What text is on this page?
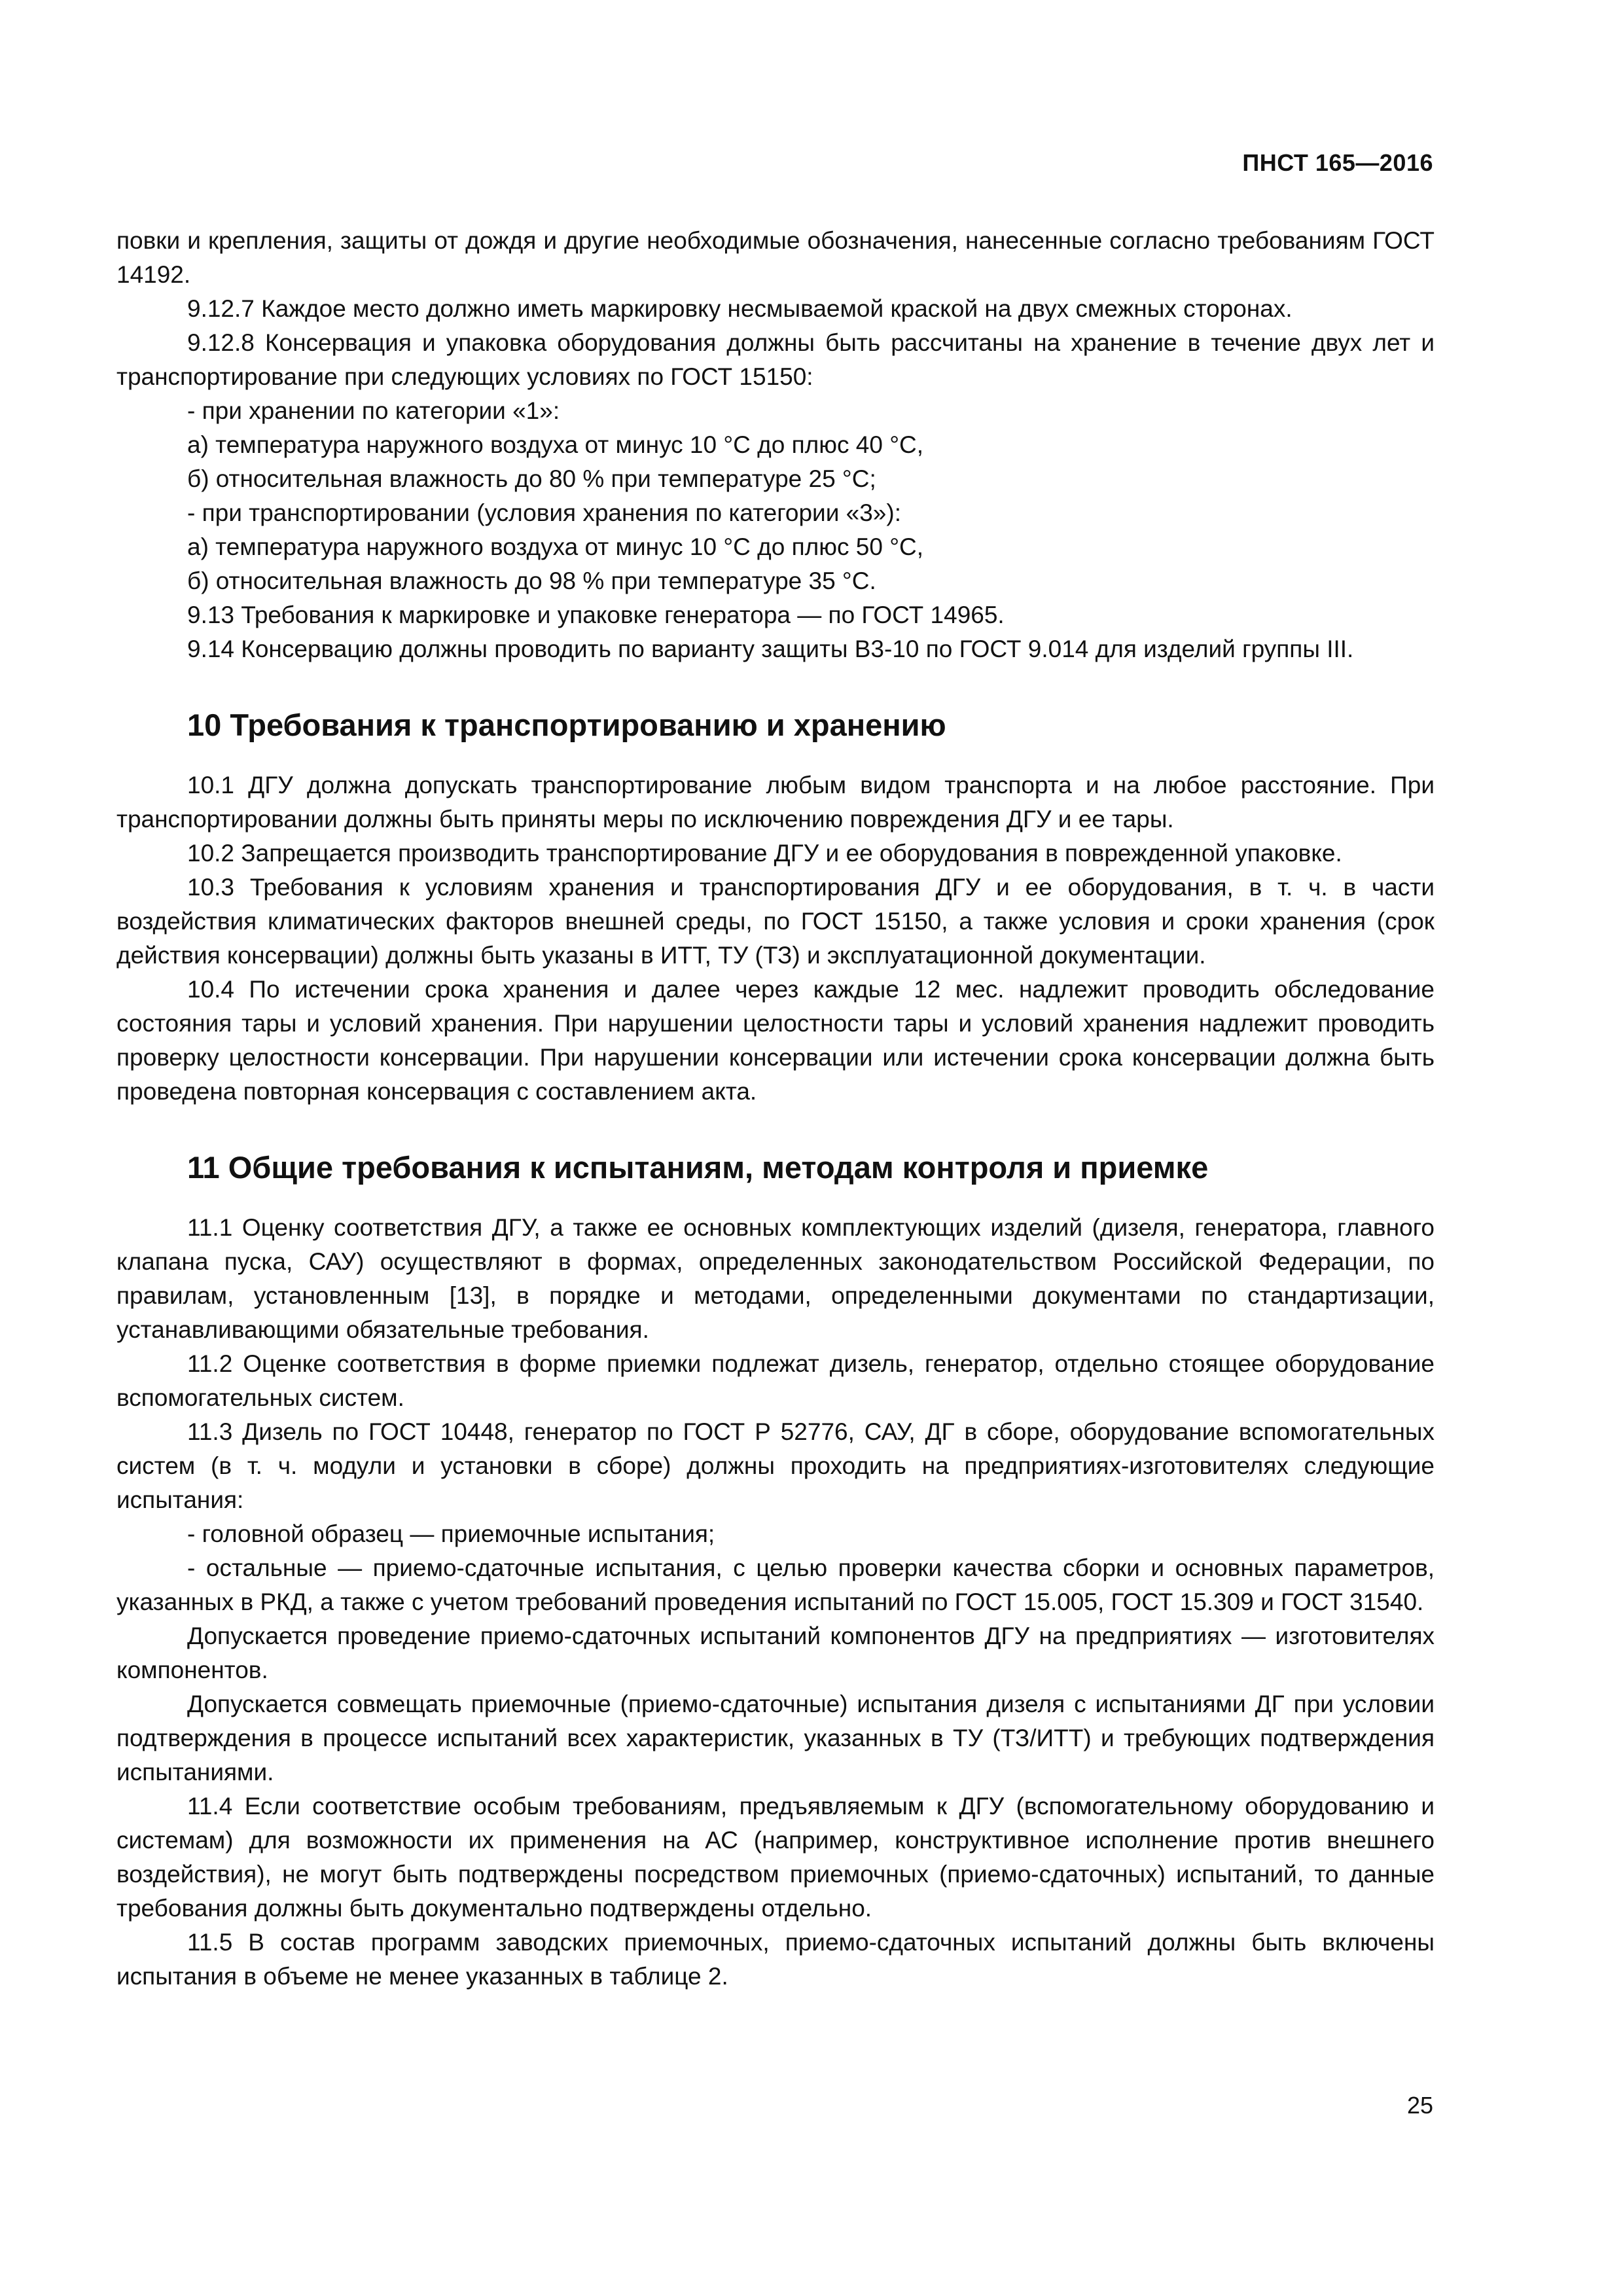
ПНСТ 165—2016

повки и крепления, защиты от дождя и другие необходимые обозначения, нанесенные согласно требованиям ГОСТ 14192.

9.12.7 Каждое место должно иметь маркировку несмываемой краской на двух смежных сторонах.

9.12.8 Консервация и упаковка оборудования должны быть рассчитаны на хранение в течение двух лет и транспортирование при следующих условиях по ГОСТ 15150:

- при хранении по категории «1»:

а) температура наружного воздуха от минус 10 °С до плюс 40 °С,

б) относительная влажность до 80 % при температуре 25 °С;

- при транспортировании (условия хранения по категории «3»):

а) температура наружного воздуха от минус 10 °С до плюс 50 °С,

б) относительная влажность до 98 % при температуре 35 °С.

9.13 Требования к маркировке и упаковке генератора — по ГОСТ 14965.

9.14 Консервацию должны проводить по варианту защиты В3-10 по ГОСТ 9.014 для изделий группы III.

10 Требования к транспортированию и хранению

10.1 ДГУ должна допускать транспортирование любым видом транспорта и на любое расстояние. При транспортировании должны быть приняты меры по исключению повреждения ДГУ и ее тары.

10.2 Запрещается производить транспортирование ДГУ и ее оборудования в поврежденной упаковке.

10.3 Требования к условиям хранения и транспортирования ДГУ и ее оборудования, в т. ч. в части воздействия климатических факторов внешней среды, по ГОСТ 15150, а также условия и сроки хранения (срок действия консервации) должны быть указаны в ИТТ, ТУ (ТЗ) и эксплуатационной документации.

10.4 По истечении срока хранения и далее через каждые 12 мес. надлежит проводить обследование состояния тары и условий хранения. При нарушении целостности тары и условий хранения надлежит проводить проверку целостности консервации. При нарушении консервации или истечении срока консервации должна быть проведена повторная консервация с составлением акта.

11 Общие требования к испытаниям, методам контроля и приемке

11.1 Оценку соответствия ДГУ, а также ее основных комплектующих изделий (дизеля, генератора, главного клапана пуска, САУ) осуществляют в формах, определенных законодательством Российской Федерации, по правилам, установленным [13], в порядке и методами, определенными документами по стандартизации, устанавливающими обязательные требования.

11.2 Оценке соответствия в форме приемки подлежат дизель, генератор, отдельно стоящее оборудование вспомогательных систем.

11.3 Дизель по ГОСТ 10448, генератор по ГОСТ Р 52776, САУ, ДГ в сборе, оборудование вспомогательных систем (в т. ч. модули и установки в сборе) должны проходить на предприятиях-изготовителях следующие испытания:

- головной образец — приемочные испытания;

- остальные — приемо-сдаточные испытания, с целью проверки качества сборки и основных параметров, указанных в РКД, а также с учетом требований проведения испытаний по ГОСТ 15.005, ГОСТ 15.309 и ГОСТ 31540.

Допускается проведение приемо-сдаточных испытаний компонентов ДГУ на предприятиях — изготовителях компонентов.

Допускается совмещать приемочные (приемо-сдаточные) испытания дизеля с испытаниями ДГ при условии подтверждения в процессе испытаний всех характеристик, указанных в ТУ (ТЗ/ИТТ) и требующих подтверждения испытаниями.

11.4 Если соответствие особым требованиям, предъявляемым к ДГУ (вспомогательному оборудованию и системам) для возможности их применения на АС (например, конструктивное исполнение против внешнего воздействия), не могут быть подтверждены посредством приемочных (приемо-сдаточных) испытаний, то данные требования должны быть документально подтверждены отдельно.

11.5 В состав программ заводских приемочных, приемо-сдаточных испытаний должны быть включены испытания в объеме не менее указанных в таблице 2.

25
